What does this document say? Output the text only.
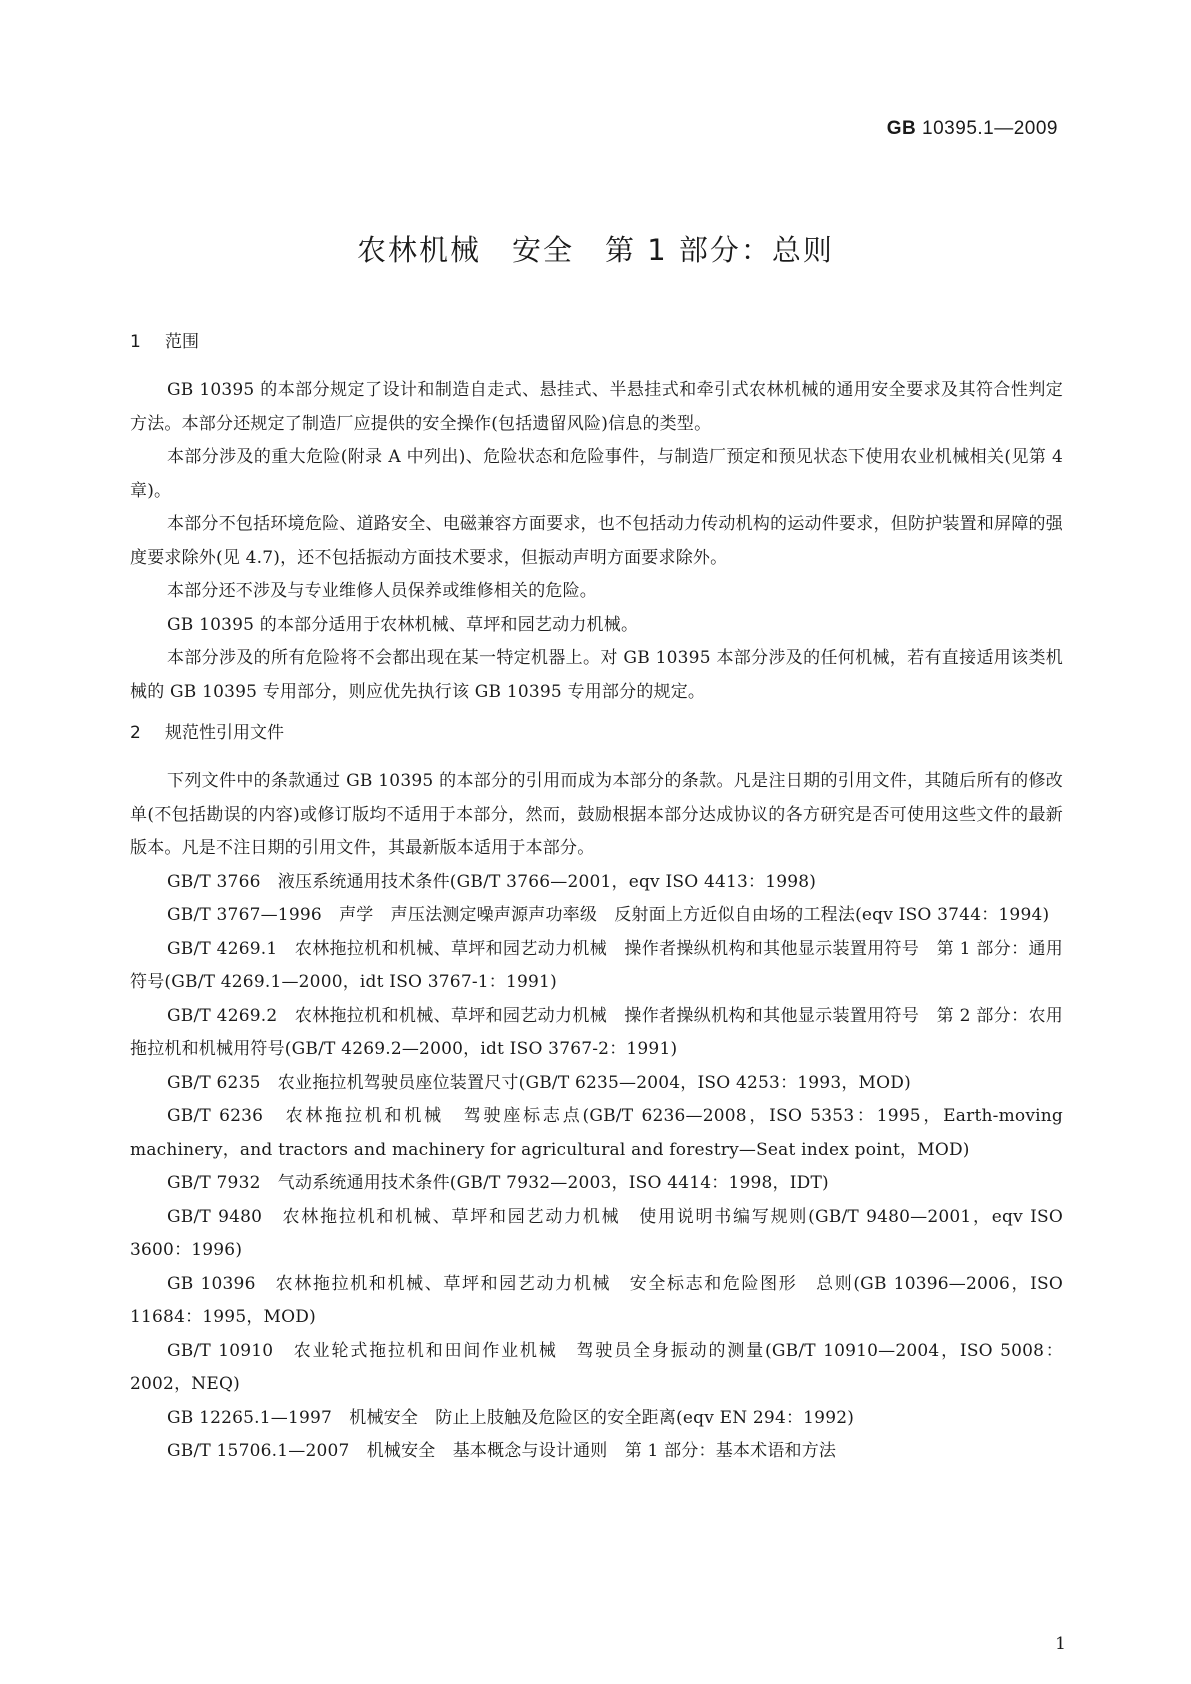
GB 10395.1—2009
农林机械　安全　第 1 部分：总则
1 范围

GB 10395 的本部分规定了设计和制造自走式、悬挂式、半悬挂式和牵引式农林机械的通用安全要求及其符合性判定方法。本部分还规定了制造厂应提供的安全操作(包括遗留风险)信息的类型。

本部分涉及的重大危险(附录 A 中列出)、危险状态和危险事件，与制造厂预定和预见状态下使用农业机械相关(见第 4 章)。

本部分不包括环境危险、道路安全、电磁兼容方面要求，也不包括动力传动机构的运动件要求，但防护装置和屏障的强度要求除外(见 4.7)，还不包括振动方面技术要求，但振动声明方面要求除外。

本部分还不涉及与专业维修人员保养或维修相关的危险。

GB 10395 的本部分适用于农林机械、草坪和园艺动力机械。

本部分涉及的所有危险将不会都出现在某一特定机器上。对 GB 10395 本部分涉及的任何机械，若有直接适用该类机械的 GB 10395 专用部分，则应优先执行该 GB 10395 专用部分的规定。

2 规范性引用文件

下列文件中的条款通过 GB 10395 的本部分的引用而成为本部分的条款。凡是注日期的引用文件，其随后所有的修改单(不包括勘误的内容)或修订版均不适用于本部分，然而，鼓励根据本部分达成协议的各方研究是否可使用这些文件的最新版本。凡是不注日期的引用文件，其最新版本适用于本部分。

GB/T 3766　液压系统通用技术条件(GB/T 3766—2001，eqv ISO 4413：1998)

GB/T 3767—1996　声学　声压法测定噪声源声功率级　反射面上方近似自由场的工程法(eqv ISO 3744：1994)

GB/T 4269.1　农林拖拉机和机械、草坪和园艺动力机械　操作者操纵机构和其他显示装置用符号　第 1 部分：通用符号(GB/T 4269.1—2000，idt ISO 3767-1：1991)

GB/T 4269.2　农林拖拉机和机械、草坪和园艺动力机械　操作者操纵机构和其他显示装置用符号　第 2 部分：农用拖拉机和机械用符号(GB/T 4269.2—2000，idt ISO 3767-2：1991)

GB/T 6235　农业拖拉机驾驶员座位装置尺寸(GB/T 6235—2004，ISO 4253：1993，MOD)

GB/T 6236　农林拖拉机和机械　驾驶座标志点(GB/T 6236—2008，ISO 5353：1995，Earth-moving machinery，and tractors and machinery for agricultural and forestry—Seat index point，MOD)

GB/T 7932　气动系统通用技术条件(GB/T 7932—2003，ISO 4414：1998，IDT)

GB/T 9480　农林拖拉机和机械、草坪和园艺动力机械　使用说明书编写规则(GB/T 9480—2001，eqv ISO 3600：1996)

GB 10396　农林拖拉机和机械、草坪和园艺动力机械　安全标志和危险图形　总则(GB 10396—2006，ISO 11684：1995，MOD)

GB/T 10910　农业轮式拖拉机和田间作业机械　驾驶员全身振动的测量(GB/T 10910—2004，ISO 5008：2002，NEQ)

GB 12265.1—1997　机械安全　防止上肢触及危险区的安全距离(eqv EN 294：1992)

GB/T 15706.1—2007　机械安全　基本概念与设计通则　第 1 部分：基本术语和方法

1
